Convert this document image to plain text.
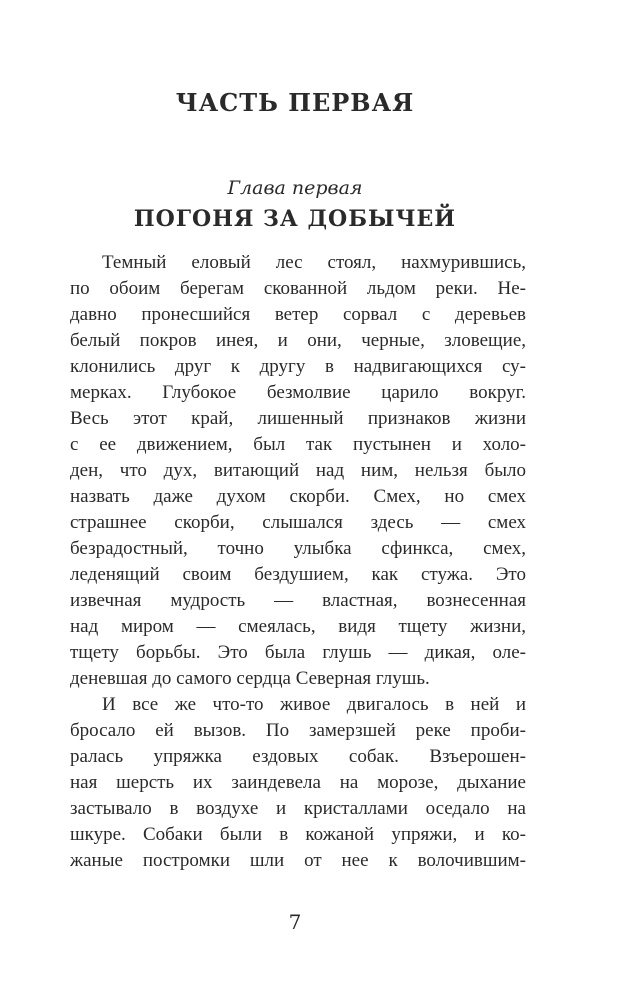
ЧАСТЬ ПЕРВАЯ
Глава первая
ПОГОНЯ ЗА ДОБЫЧЕЙ
Темный еловый лес стоял, нахмурившись,
по обоим берегам скованной льдом реки. Не-
давно пронесшийся ветер сорвал с деревьев
белый покров инея, и они, черные, зловещие,
клонились друг к другу в надвигающихся су-
мерках. Глубокое безмолвие царило вокруг.
Весь этот край, лишенный признаков жизни
с ее движением, был так пустынен и холо-
ден, что дух, витающий над ним, нельзя было
назвать даже духом скорби. Смех, но смех
страшнее скорби, слышался здесь — смех
безрадостный, точно улыбка сфинкса, смех,
леденящий своим бездушием, как стужа. Это
извечная мудрость — властная, вознесенная
над миром — смеялась, видя тщету жизни,
тщету борьбы. Это была глушь — дикая, оле-
деневшая до самого сердца Северная глушь.
И все же что-то живое двигалось в ней и
бросало ей вызов. По замерзшей реке проби-
ралась упряжка ездовых собак. Взъерошен-
ная шерсть их заиндевела на морозе, дыхание
застывало в воздухе и кристаллами оседало на
шкуре. Собаки были в кожаной упряжи, и ко-
жаные постромки шли от нее к волочившим-
7
